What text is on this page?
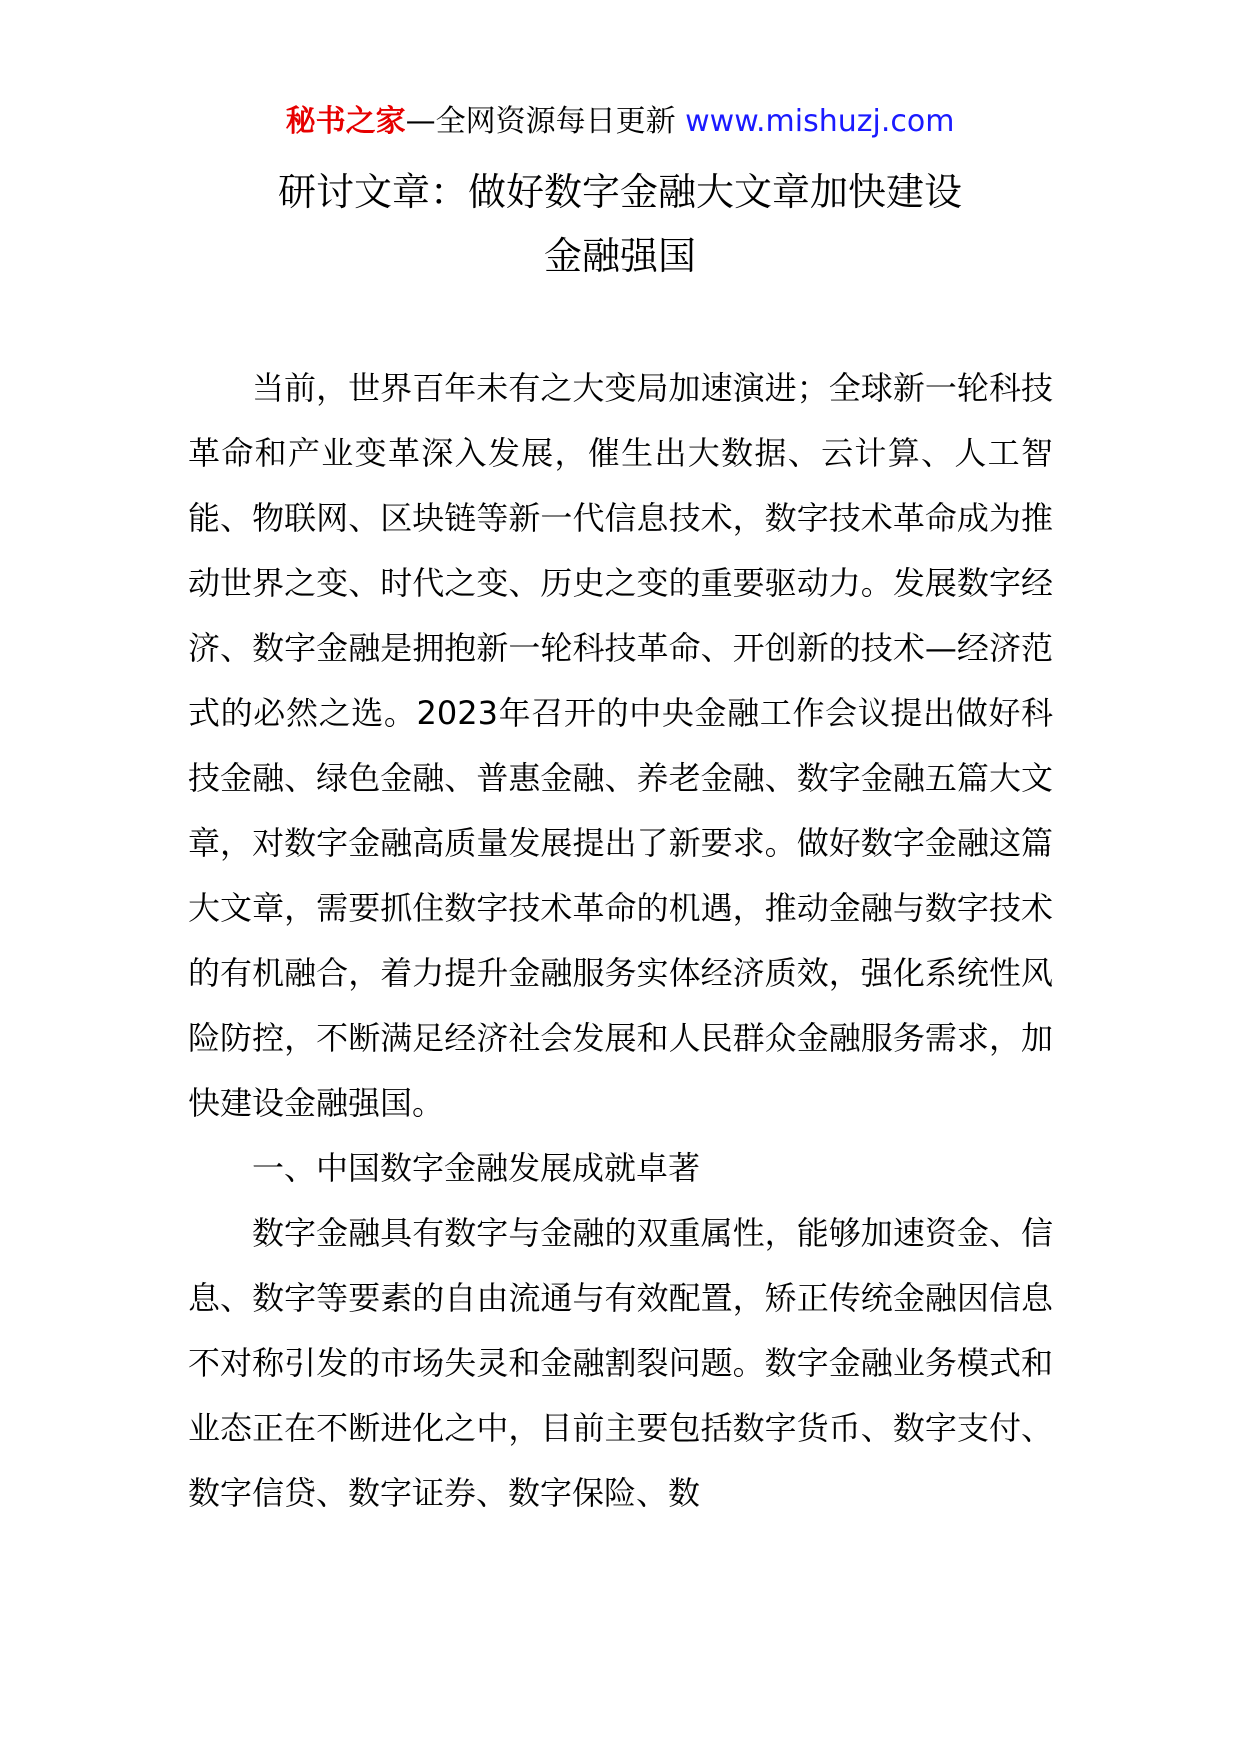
秘书之家—全网资源每日更新 www.mishuzj.com
研讨文章：做好数字金融大文章加快建设
金融强国

当前，世界百年未有之大变局加速演进；全球新一轮科技革命和产业变革深入发展，催生出大数据、云计算、人工智能、物联网、区块链等新一代信息技术，数字技术革命成为推动世界之变、时代之变、历史之变的重要驱动力。发展数字经济、数字金融是拥抱新一轮科技革命、开创新的技术—经济范式的必然之选。2023年召开的中央金融工作会议提出做好科技金融、绿色金融、普惠金融、养老金融、数字金融五篇大文章，对数字金融高质量发展提出了新要求。做好数字金融这篇大文章，需要抓住数字技术革命的机遇，推动金融与数字技术的有机融合，着力提升金融服务实体经济质效，强化系统性风险防控，不断满足经济社会发展和人民群众金融服务需求，加快建设金融强国。

一、中国数字金融发展成就卓著

数字金融具有数字与金融的双重属性，能够加速资金、信息、数字等要素的自由流通与有效配置，矫正传统金融因信息不对称引发的市场失灵和金融割裂问题。数字金融业务模式和业态正在不断进化之中，目前主要包括数字货币、数字支付、数字信贷、数字证券、数字保险、数
